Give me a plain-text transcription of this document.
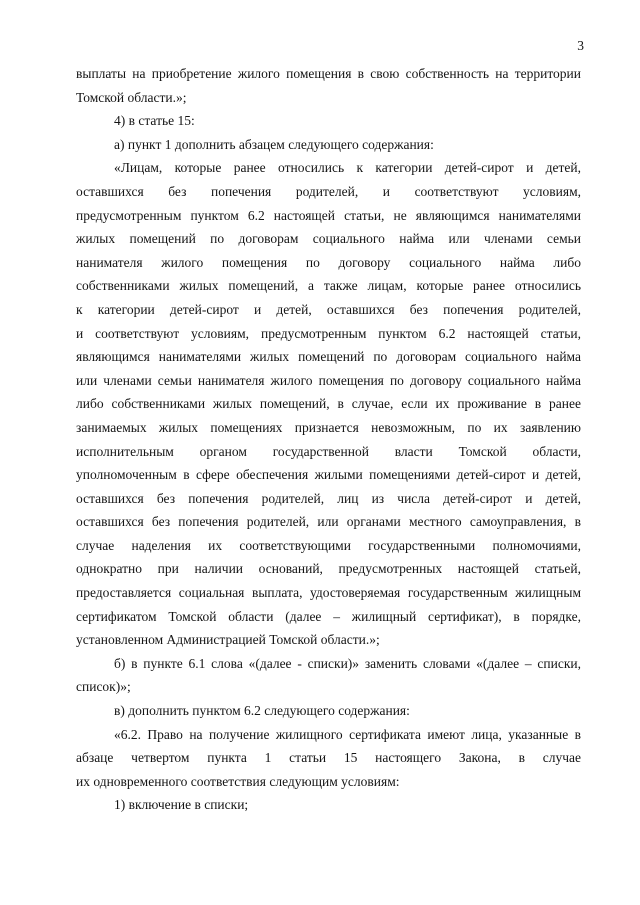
3
выплаты на приобретение жилого помещения в свою собственность на территории
Томской области.»;
4) в статье 15:
а) пункт 1 дополнить абзацем следующего содержания:
«Лицам, которые ранее относились к категории детей-сирот и детей,
оставшихся без попечения родителей, и соответствуют условиям,
предусмотренным пунктом 6.2 настоящей статьи, не являющимся нанимателями
жилых помещений по договорам социального найма или членами семьи
нанимателя жилого помещения по договору социального найма либо
собственниками жилых помещений, а также лицам, которые ранее относились
к категории детей-сирот и детей, оставшихся без попечения родителей,
и соответствуют условиям, предусмотренным пунктом 6.2 настоящей статьи,
являющимся нанимателями жилых помещений по договорам социального найма
или членами семьи нанимателя жилого помещения по договору социального найма
либо собственниками жилых помещений, в случае, если их проживание в ранее
занимаемых жилых помещениях признается невозможным, по их заявлению
исполнительным органом государственной власти Томской области,
уполномоченным в сфере обеспечения жилыми помещениями детей-сирот и детей,
оставшихся без попечения родителей, лиц из числа детей-сирот и детей,
оставшихся без попечения родителей, или органами местного самоуправления, в
случае наделения их соответствующими государственными полномочиями,
однократно при наличии оснований, предусмотренных настоящей статьей,
предоставляется социальная выплата, удостоверяемая государственным жилищным
сертификатом Томской области (далее – жилищный сертификат), в порядке,
установленном Администрацией Томской области.»;
б) в пункте 6.1 слова «(далее - списки)» заменить словами «(далее – списки,
список)»;
в) дополнить пунктом 6.2 следующего содержания:
«6.2. Право на получение жилищного сертификата имеют лица, указанные в
абзаце четвертом пункта 1 статьи 15 настоящего Закона, в случае
их одновременного соответствия следующим условиям:
1) включение в списки;
